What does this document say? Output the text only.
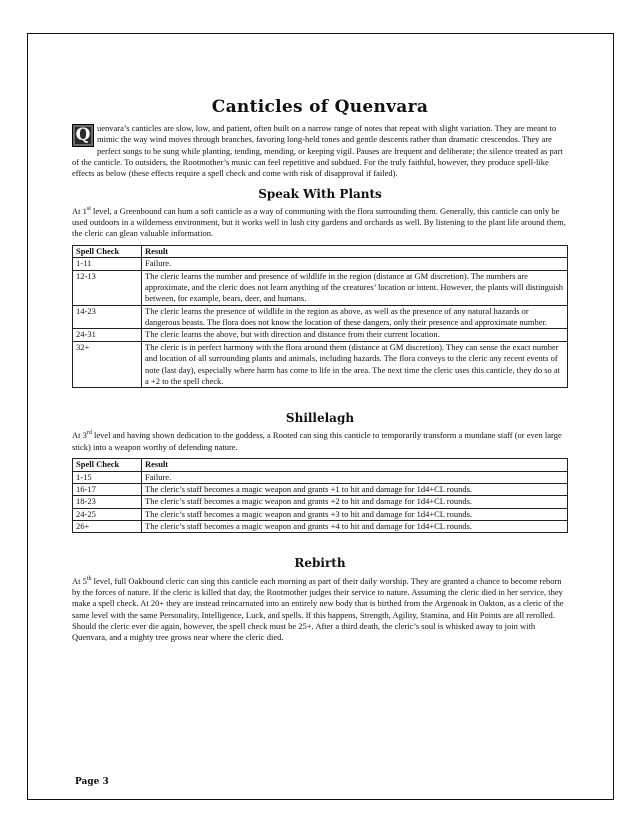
Canticles of Quenvara

Q uenvara’s canticles are slow, low, and patient, often built on a narrow range of notes that repeat with slight variation. They are meant to mimic the way wind moves through branches, favoring long-held tones and gentle descents rather than dramatic crescendos. They are perfect songs to be sung while planting, tending, mending, or keeping vigil. Pauses are frequent and deliberate; the silence treated as part of the canticle. To outsiders, the Rootmother’s music can feel repetitive and subdued. For the truly faithful, however, they produce spell-like effects as below (these effects require a spell check and come with risk of disapproval if failed).

Speak With Plants

At 1st level, a Greenbound can hum a soft canticle as a way of communing with the flora surrounding them. Generally, this canticle can only be used outdoors in a wilderness environment, but it works well in lush city gardens and orchards as well. By listening to the plant life around them, the cleric can glean valuable information.

Spell Check	Result
1-11	Failure.
12-13	The cleric learns the number and presence of wildlife in the region (distance at GM discretion). The numbers are approximate, and the cleric does not learn anything of the creatures’ location or intent. However, the plants will distinguish between, for example, bears, deer, and humans.
14-23	The cleric learns the presence of wildlife in the region as above, as well as the presence of any natural hazards or dangerous beasts. The flora does not know the location of these dangers, only their presence and approximate number.
24-31	The cleric learns the above, but with direction and distance from their current location.
32+	The cleric is in perfect harmony with the flora around them (distance at GM discretion). They can sense the exact number and location of all surrounding plants and animals, including hazards. The flora conveys to the cleric any recent events of note (last day), especially where harm has come to life in the area. The next time the cleric uses this canticle, they do so at a +2 to the spell check.
Shillelagh

At 3rd level and having shown dedication to the goddess, a Rooted can sing this canticle to temporarily transform a mundane staff (or even large stick) into a weapon worthy of defending nature.

Spell Check	Result
1-15	Failure.
16-17	The cleric’s staff becomes a magic weapon and grants +1 to hit and damage for 1d4+CL rounds.
18-23	The cleric’s staff becomes a magic weapon and grants +2 to hit and damage for 1d4+CL rounds.
24-25	The cleric’s staff becomes a magic weapon and grants +3 to hit and damage for 1d4+CL rounds.
26+	The cleric’s staff becomes a magic weapon and grants +4 to hit and damage for 1d4+CL rounds.
Rebirth

At 5th level, full Oakbound cleric can sing this canticle each morning as part of their daily worship. They are granted a chance to become reborn by the forces of nature. If the cleric is killed that day, the Rootmother judges their service to nature. Assuming the cleric died in her service, they make a spell check. At 20+ they are instead reincarnated into an entirely new body that is birthed from the Argenoak in Oakton, as a cleric of the same level with the same Personality, Intelligence, Luck, and spells. If this happens, Strength, Agility, Stamina, and Hit Points are all rerolled. Should the cleric ever die again, however, the spell check must be 25+. After a third death, the cleric’s soul is whisked away to join with Quenvara, and a mighty tree grows near where the cleric died.

Page 3
